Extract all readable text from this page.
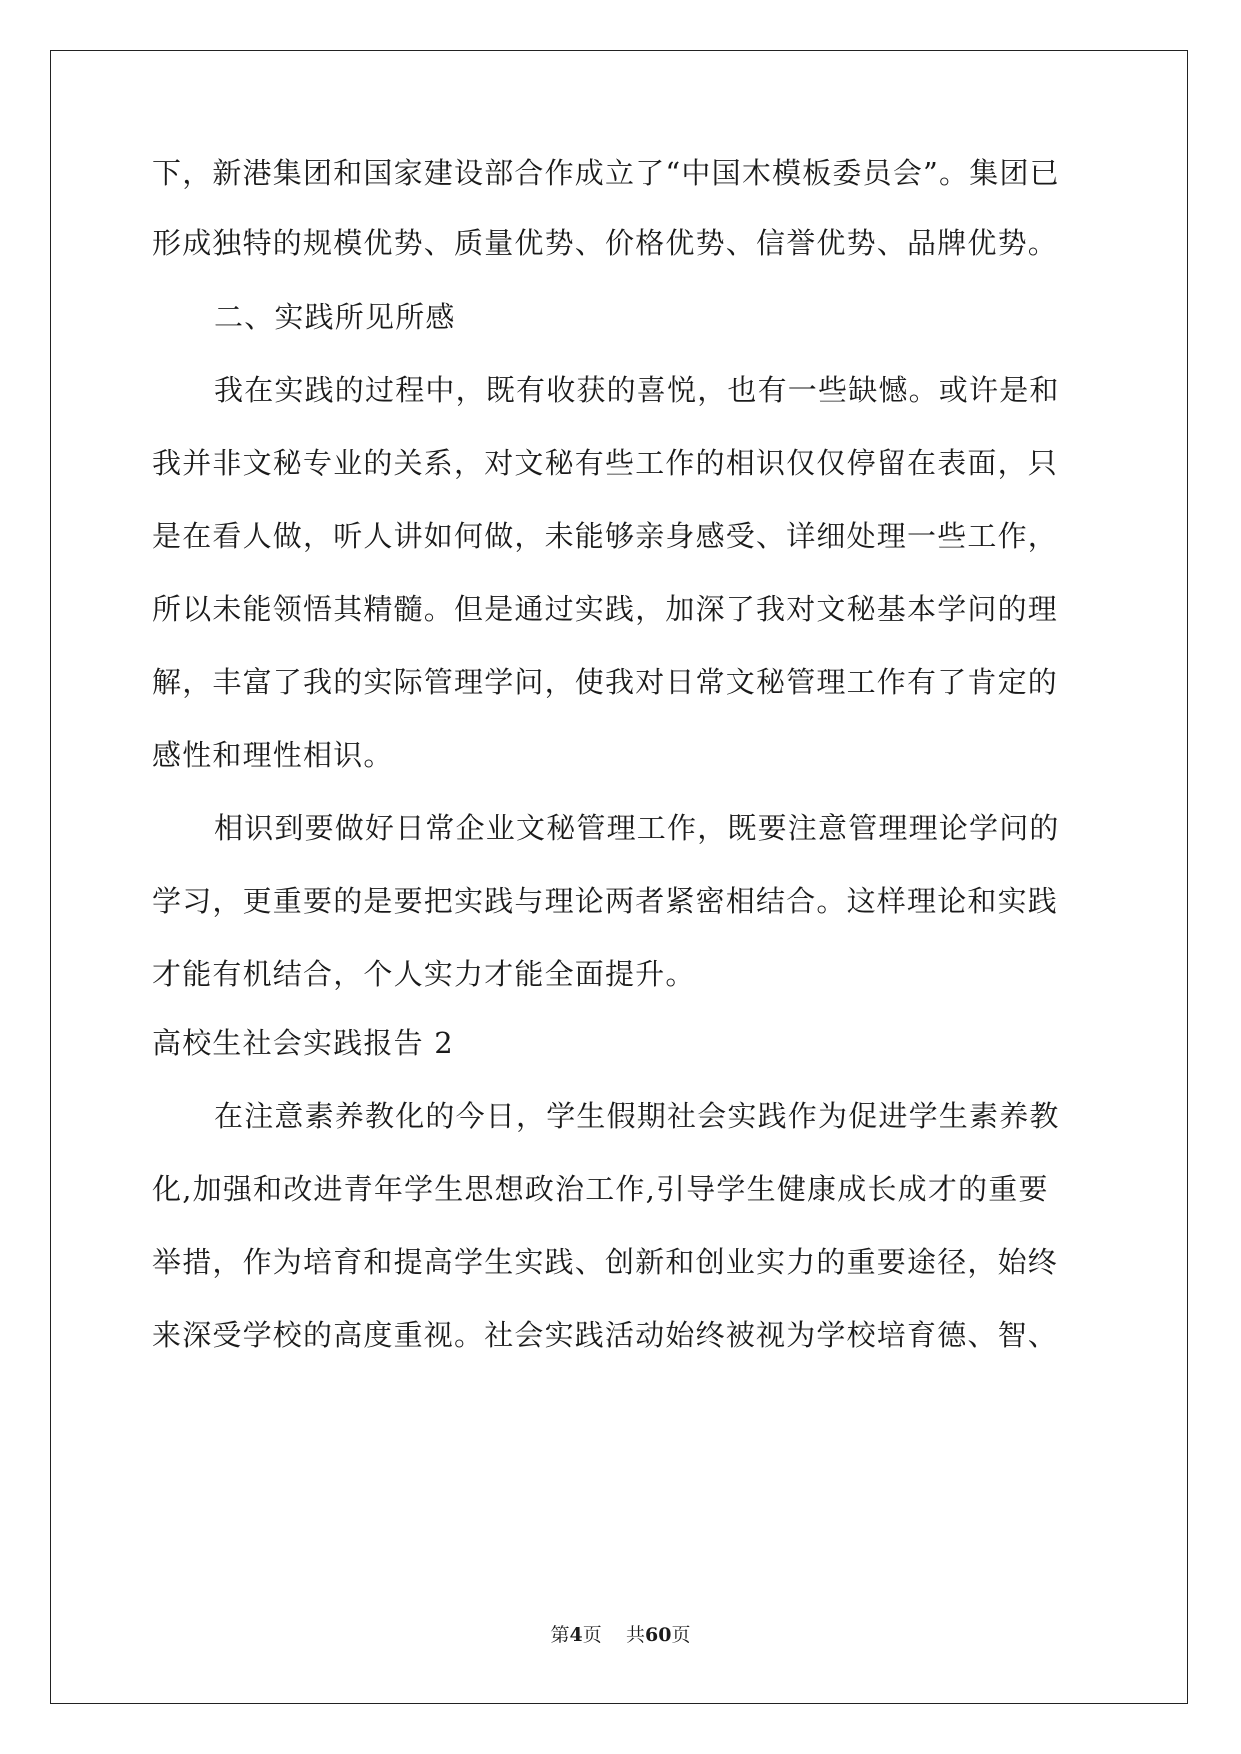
下，新港集团和国家建设部合作成立了“中国木模板委员会”。集团已
形成独特的规模优势、质量优势、价格优势、信誉优势、品牌优势。
二、实践所见所感
我在实践的过程中，既有收获的喜悦，也有一些缺憾。或许是和
我并非文秘专业的关系，对文秘有些工作的相识仅仅停留在表面，只
是在看人做，听人讲如何做，未能够亲身感受、详细处理一些工作，
所以未能领悟其精髓。但是通过实践，加深了我对文秘基本学问的理
解，丰富了我的实际管理学问，使我对日常文秘管理工作有了肯定的
感性和理性相识。
相识到要做好日常企业文秘管理工作，既要注意管理理论学问的
学习，更重要的是要把实践与理论两者紧密相结合。这样理论和实践
才能有机结合，个人实力才能全面提升。
高校生社会实践报告 2
在注意素养教化的今日，学生假期社会实践作为促进学生素养教
化,加强和改进青年学生思想政治工作,引导学生健康成长成才的重要
举措，作为培育和提高学生实践、创新和创业实力的重要途径，始终
来深受学校的高度重视。社会实践活动始终被视为学校培育德、智、
第4页 共60页
